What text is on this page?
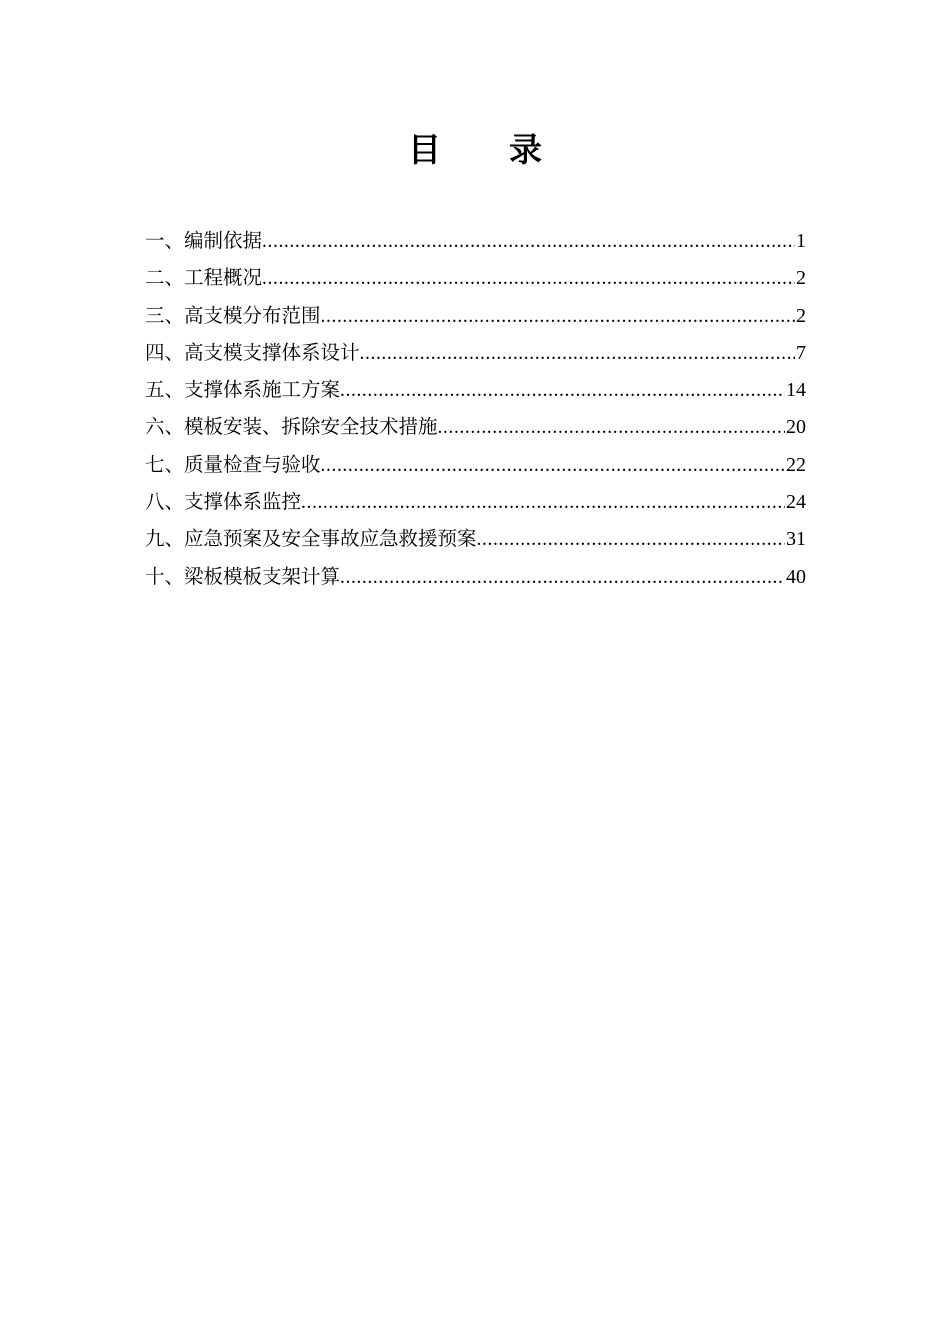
目 录
一、编制依据 .....	1
二、工程概况 .....	2
三、高支模分布范围 .....	2
四、高支模支撑体系设计 .....	7
五、支撑体系施工方案 .....	14
六、模板安装、拆除安全技术措施 .....	20
七、质量检查与验收 .....	22
八、支撑体系监控 .....	24
九、应急预案及安全事故应急救援预案 .....	31
十、梁板模板支架计算 .....	40
